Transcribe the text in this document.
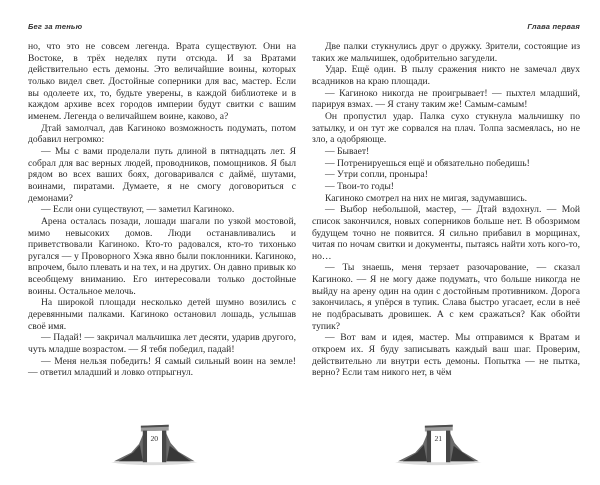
Бег за тенью

но, что это не совсем легенда. Врата существуют. Они на Востоке, в трёх неделях пути отсюда. И за Вратами действительно есть демоны. Это величайшие воины, которых только видел свет. Достойные соперники для вас, мастер. Если вы одолеете их, то, будьте уверены, в каждой библиотеке и в каждом архиве всех городов империи будут свитки с вашим именем. Легенда о величайшем воине, каково, а?

Дтай замолчал, дав Кагиноко возможность подумать, потом добавил негромко:

— Мы с вами проделали путь длиной в пятнадцать лет. Я собрал для вас верных людей, проводников, помощников. Я был рядом во всех ваших боях, договаривался с даймё, шутами, воинами, пиратами. Думаете, я не смогу договориться с демонами?

— Если они существуют, — заметил Кагиноко.

Арена осталась позади, лошади шагали по узкой мостовой, мимо невысоких домов. Люди останавливались и приветствовали Кагиноко. Кто-то радовался, кто-то тихонько ругался — у Проворного Хэка явно были поклонники. Кагиноко, впрочем, было плевать и на тех, и на других. Он давно привык ко всеобщему вниманию. Его интересовали только достойные воины. Остальное мелочь.

На широкой площади несколько детей шумно возились с деревянными палками. Кагиноко остановил лошадь, услышав своё имя.

— Падай! — закричал мальчишка лет десяти, ударив другого, чуть младше возрастом. — Я тебя победил, падай!

— Меня нельзя победить! Я самый сильный воин на земле! — ответил младший и ловко отпрыгнул.

20
Глава первая

Две палки стукнулись друг о дружку. Зрители, состоящие из таких же мальчишек, одобрительно загудели.

Удар. Ещё один. В пылу сражения никто не замечал двух всадников на краю площади.

— Кагиноко никогда не проигрывает! — пыхтел младший, парируя взмах. — Я стану таким же! Самым-самым!

Он пропустил удар. Палка сухо стукнула мальчишку по затылку, и он тут же сорвался на плач. Толпа засмеялась, но не зло, а одобряюще.

— Бывает!

— Потренируешься ещё и обязательно победишь!

— Утри сопли, проныра!

— Твои-то годы!

Кагиноко смотрел на них не мигая, задумавшись.

— Выбор небольшой, мастер, — Дтай вздохнул. — Мой список закончился, новых соперников больше нет. В обозримом будущем точно не появится. Я сильно прибавил в морщинах, читая по ночам свитки и документы, пытаясь найти хоть кого-то, но…

— Ты знаешь, меня терзает разочарование, — сказал Кагиноко. — Я не могу даже подумать, что больше никогда не выйду на арену один на один с достойным противником. Дорога закончилась, я упёрся в тупик. Слава быстро угасает, если в неё не подбрасывать дровишек. А с кем сражаться? Как обойти тупик?

— Вот вам и идея, мастер. Мы отправимся к Вратам и откроем их. Я буду записывать каждый ваш шаг. Проверим, действительно ли внутри есть демоны. Попытка — не пытка, верно? Если там никого нет, в чём

21
